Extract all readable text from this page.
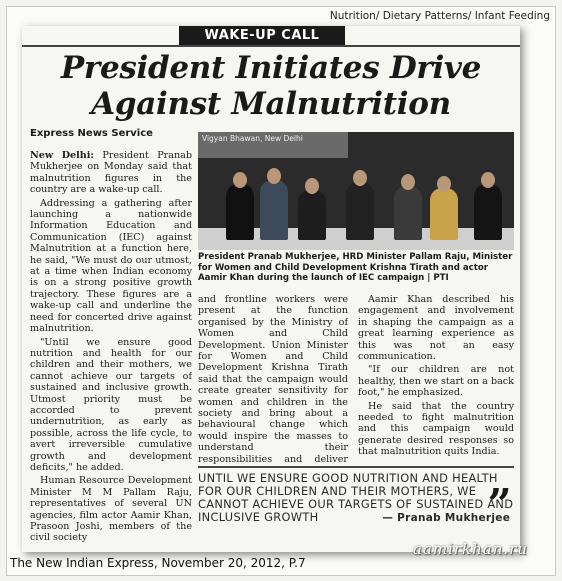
Nutrition/ Dietary Patterns/ Infant Feeding
WAKE-UP CALL
President Initiates Drive Against Malnutrition
Express News Service

New Delhi: President Pranab Mukherjee on Monday said that malnutrition figures in the country are a wake-up call.

Addressing a gathering after launching a nationwide Information Education and Communication (IEC) against Malnutrition at a function here, he said, "We must do our utmost, at a time when Indian economy is on a strong positive growth trajectory. These figures are a wake-up call and underline the need for concerted drive against malnutrition.

"Until we ensure good nutrition and health for our children and their mothers, we cannot achieve our targets of sustained and inclusive growth. Utmost priority must be accorded to prevent undernutrition, as early as possible, across the life cycle, to avert irreversible cumulative growth and development deficits," he added.

Human Resource Development Minister M M Pallam Raju, representatives of several UN agencies, film actor Aamir Khan, Prasoon Joshi, members of the civil society

Vigyan Bhawan, New Delhi
President Pranab Mukherjee, HRD Minister Pallam Raju, Minister for Women and Child Development Krishna Tirath and actor Aamir Khan during the launch of IEC campaign | PTI

and frontline workers were present at the function organised by the Ministry of Women and Child Development. Union Minister for Women and Child Development Krishna Tirath said that the campaign would create greater sensitivity for women and children in the society and bring about a behavioural change which would inspire the masses to understand their responsibilities and deliver

Aamir Khan described his engagement and involvement in shaping the campaign as a great learning experience as this was not an easy communication.

"If our children are not healthy, then we start on a back foot," he emphasized.

He said that the country needed to fight malnutrition and this campaign would generate desired responses so that malnutrition quits India.

UNTIL WE ENSURE GOOD NUTRITION AND HEALTH FOR OUR CHILDREN AND THEIR MOTHERS, WE CANNOT ACHIEVE OUR TARGETS OF SUSTAINED AND INCLUSIVE GROWTH	— Pranab Mukherjee
”
aamirkhan.ru
The New Indian Express, November 20, 2012, P.7
